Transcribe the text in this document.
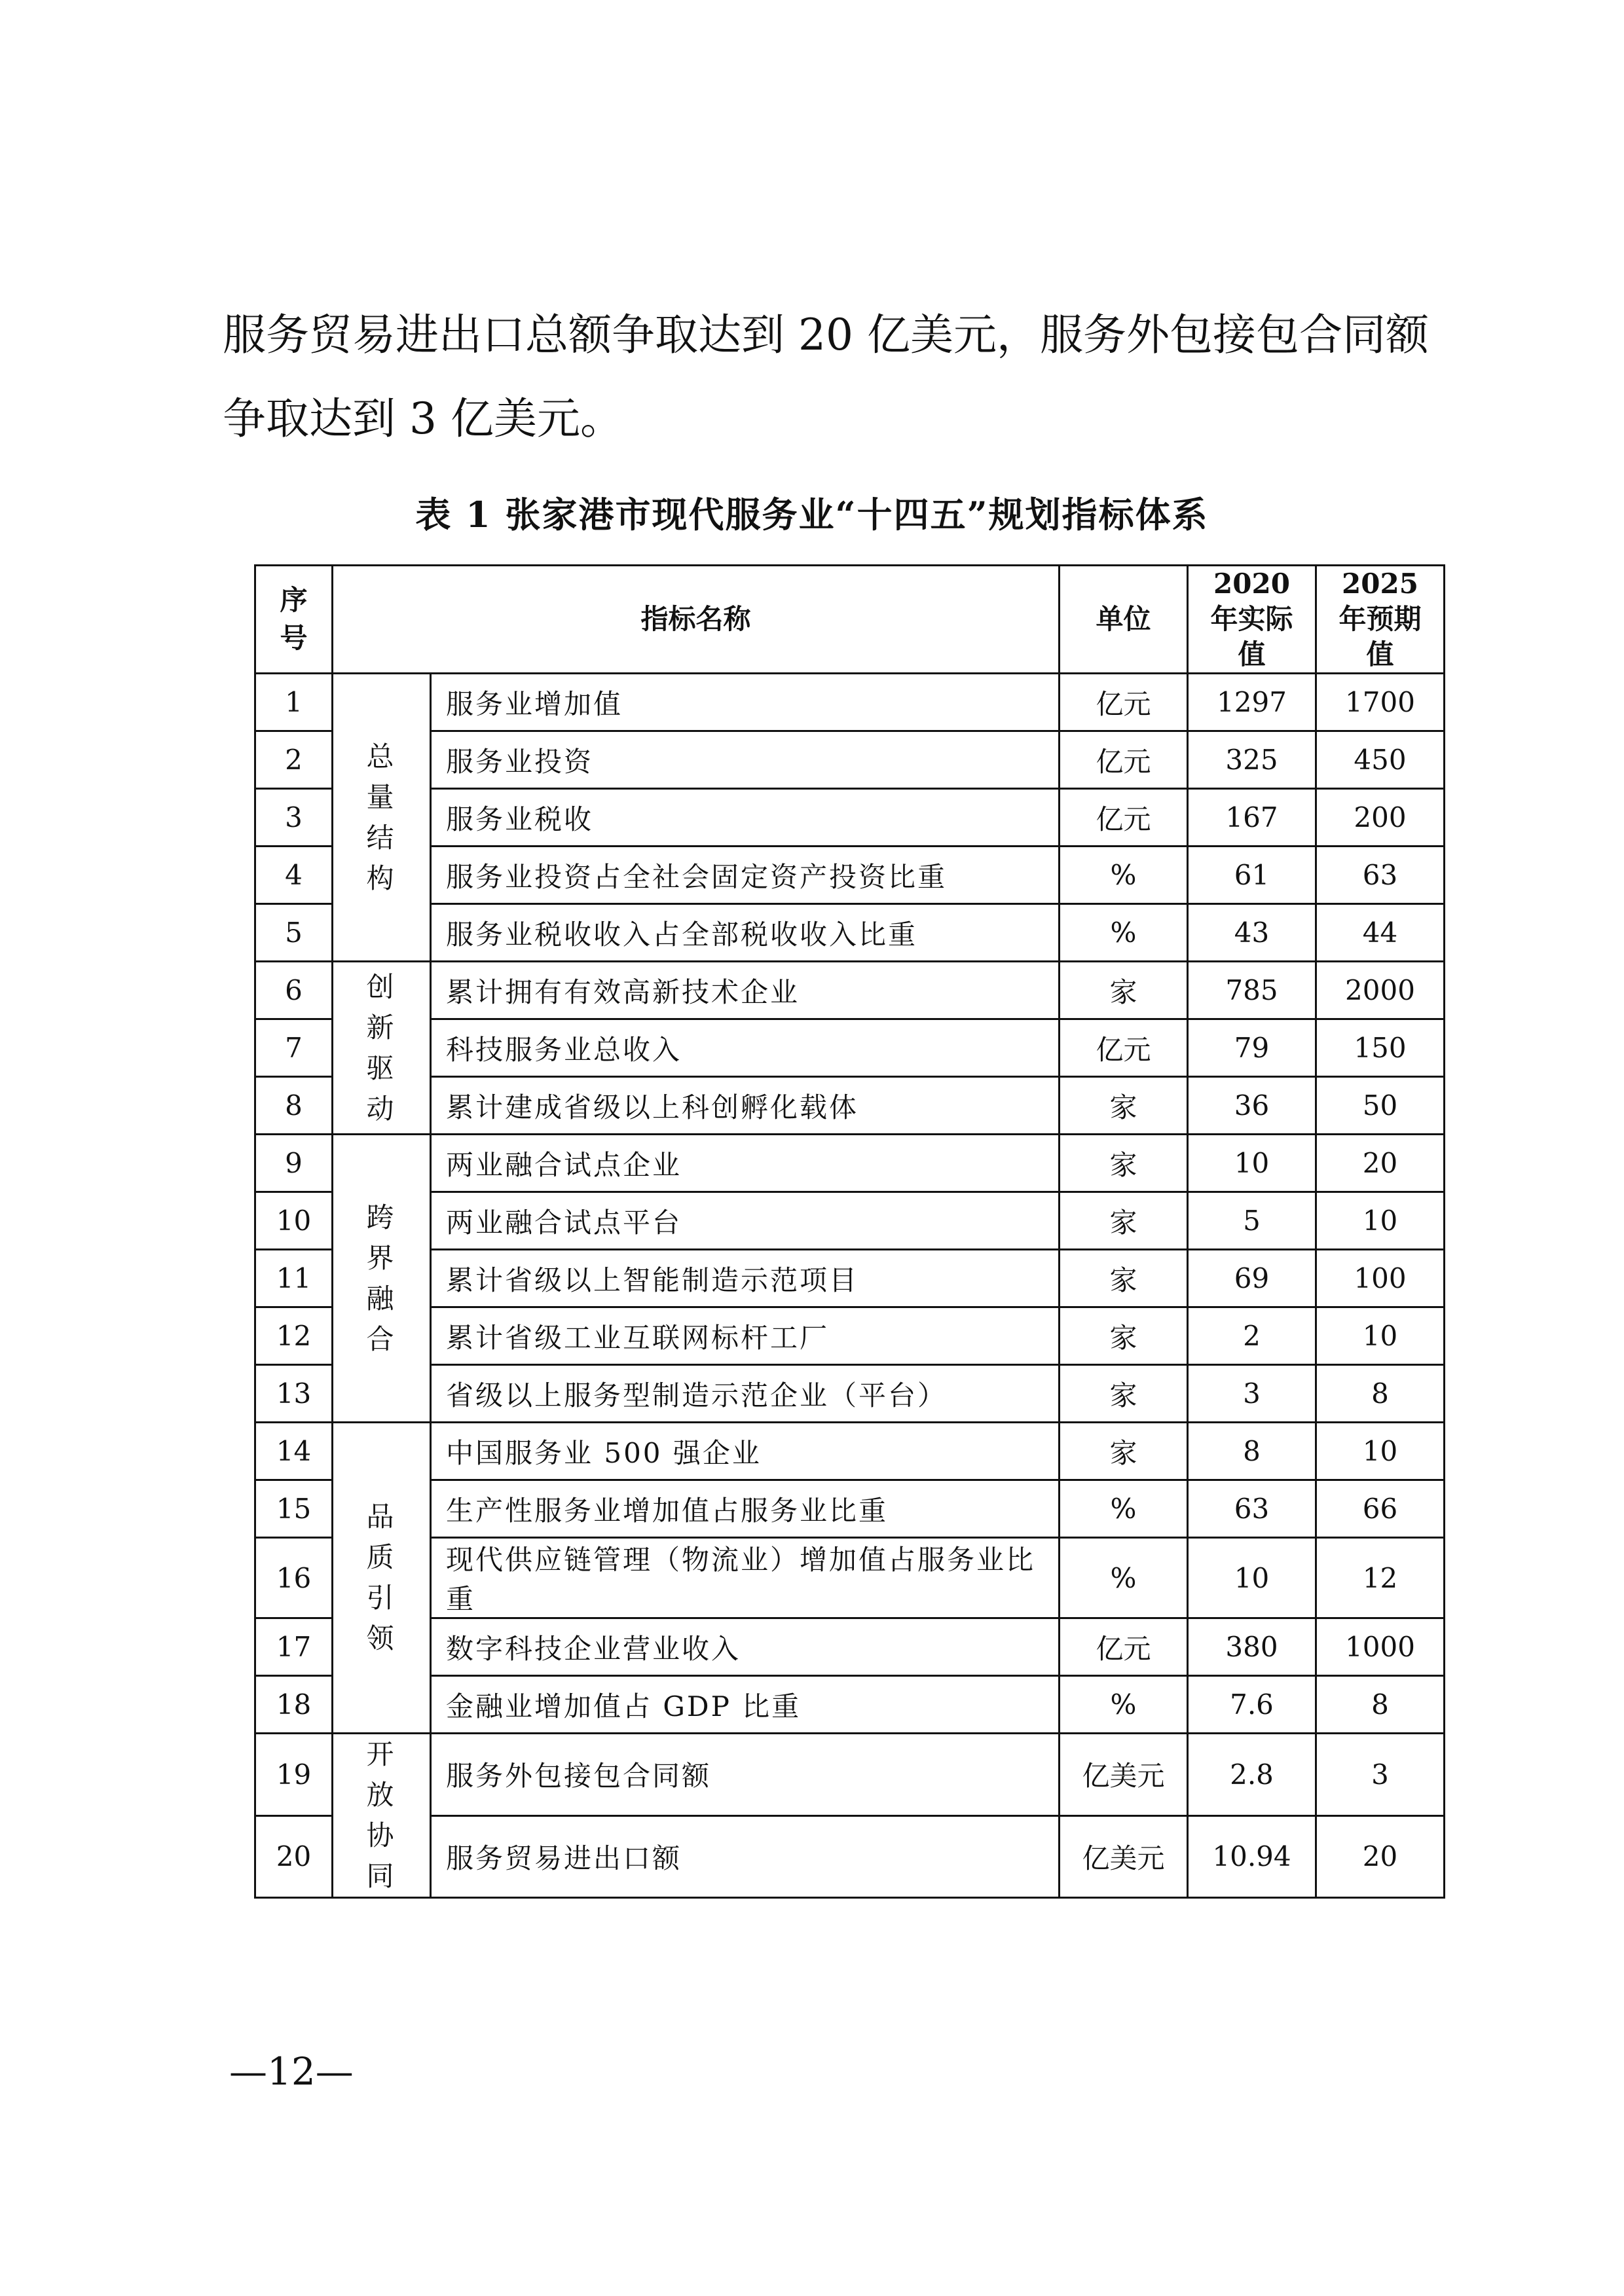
服务贸易进出口总额争取达到 20 亿美元，服务外包接包合同额

争取达到 3 亿美元。

表 1 张家港市现代服务业“十四五”规划指标体系
序号	指标名称		单位	2020 年实际值	2025 年预期值
1	总量结构	服务业增加值	亿元	1297	1700
2		服务业投资	亿元	325	450
3		服务业税收	亿元	167	200
4		服务业投资占全社会固定资产投资比重	%	61	63
5		服务业税收收入占全部税收收入比重	%	43	44
6	创新驱动	累计拥有有效高新技术企业	家	785	2000
7		科技服务业总收入	亿元	79	150
8		累计建成省级以上科创孵化载体	家	36	50
9	跨界融合	两业融合试点企业	家	10	20
10		两业融合试点平台	家	5	10
11		累计省级以上智能制造示范项目	家	69	100
12		累计省级工业互联网标杆工厂	家	2	10
13		省级以上服务型制造示范企业（平台）	家	3	8
14	品质引领	中国服务业 500 强企业	家	8	10
15		生产性服务业增加值占服务业比重	%	63	66
16		现代供应链管理（物流业）增加值占服务业比重	%	10	12
17		数字科技企业营业收入	亿元	380	1000
18		金融业增加值占 GDP 比重	%	7.6	8
19	开放协同	服务外包接包合同额	亿美元	2.8	3
20		服务贸易进出口额	亿美元	10.94	20
—12—
